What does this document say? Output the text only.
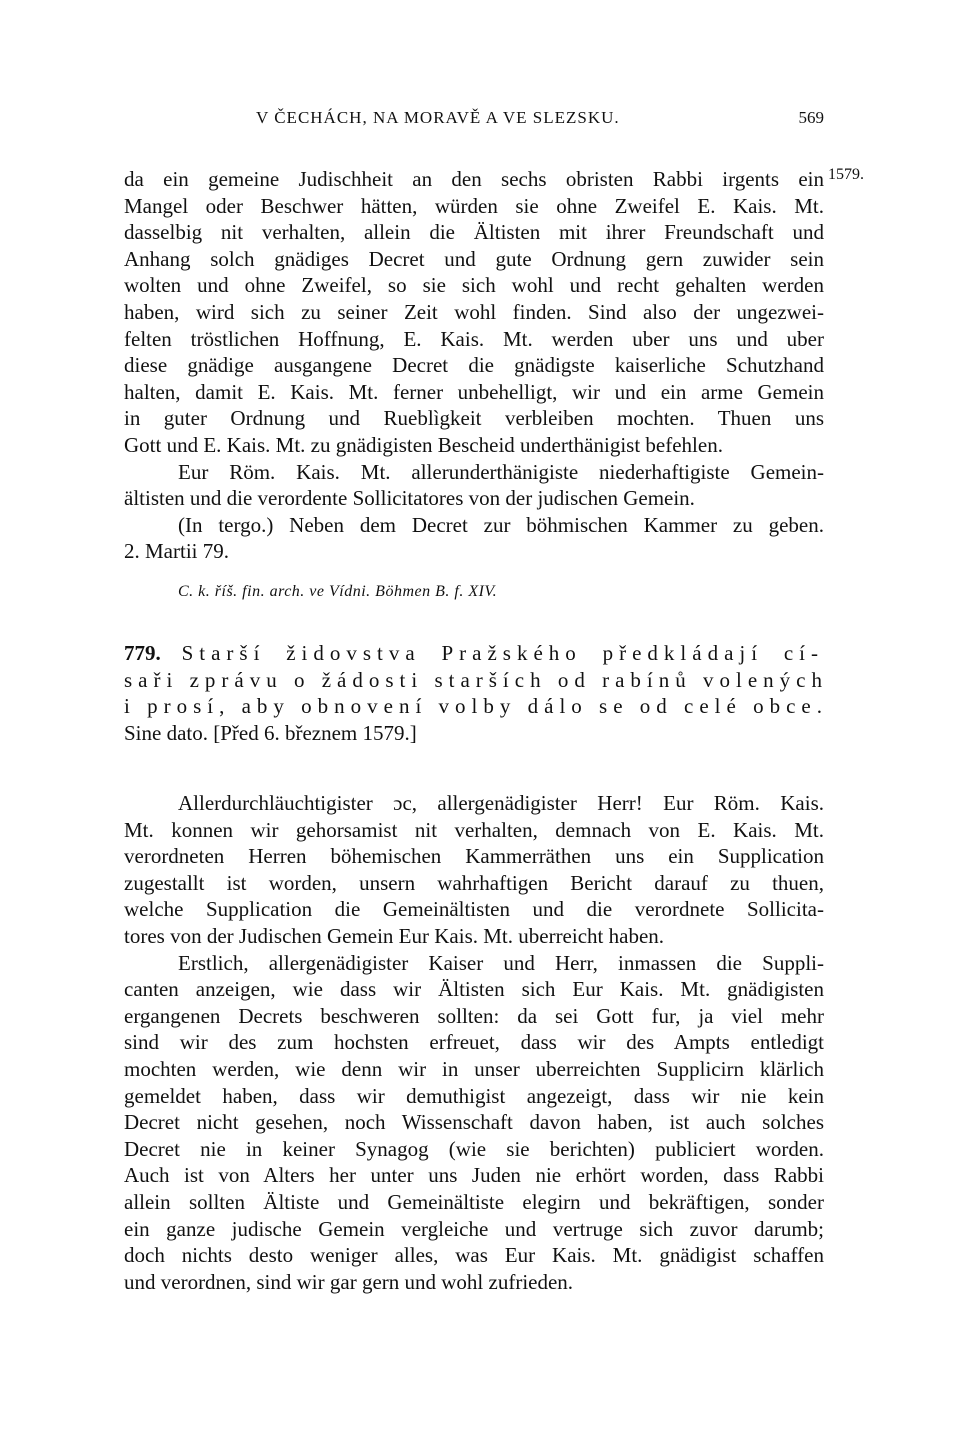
V ČECHÁCH, NA MORAVĚ A VE SLEZSKU.	569
1579.
da ein gemeine Judischheit an den sechs obristen Rabbi irgents ein
Mangel oder Beschwer hätten, würden sie ohne Zweifel E. Kais. Mt.
dasselbig nit verhalten, allein die Ältisten mit ihrer Freundschaft und
Anhang solch gnädiges Decret und gute Ordnung gern zuwider sein
wolten und ohne Zweifel, so sie sich wohl und recht gehalten werden
haben, wird sich zu seiner Zeit wohl finden. Sind also der ungezwei-
felten tröstlichen Hoffnung, E. Kais. Mt. werden uber uns und uber
diese gnädige ausgangene Decret die gnädigste kaiserliche Schutzhand
halten, damit E. Kais. Mt. ferner unbehelligt, wir und ein arme Gemein
in guter Ordnung und Rueblìgkeit verbleiben mochten. Thuen uns
Gott und E. Kais. Mt. zu gnädigisten Bescheid underthänigist befehlen.
Eur Röm. Kais. Mt. allerunderthänigiste niederhaftigiste Gemein-
ältisten und die verordente Sollicitatores von der judischen Gemein.
(In tergo.) Neben dem Decret zur böhmischen Kammer zu geben.
2. Martii 79.
C. k. říš. fin. arch. ve Vídni. Böhmen B. f. XIV.
779. Starší židovstva Pražského předkládají cí-
saři zprávu o žádosti starších od rabínů volených
i prosí, aby obnovení volby dálo se od celé obce.
Sine dato. [Před 6. březnem 1579.]
Allerdurchläuchtigister ɔc, allergenädigister Herr! Eur Röm. Kais.
Mt. konnen wir gehorsamist nit verhalten, demnach von E. Kais. Mt.
verordneten Herren böhemischen Kammerräthen uns ein Supplication
zugestallt ist worden, unsern wahrhaftigen Bericht darauf zu thuen,
welche Supplication die Gemeinältisten und die verordnete Sollicita-
tores von der Judischen Gemein Eur Kais. Mt. uberreicht haben.
Erstlich, allergenädigister Kaiser und Herr, inmassen die Suppli-
canten anzeigen, wie dass wir Ältisten sich Eur Kais. Mt. gnädigisten
ergangenen Decrets beschweren sollten: da sei Gott fur, ja viel mehr
sind wir des zum hochsten erfreuet, dass wir des Ampts entledigt
mochten werden, wie denn wir in unser uberreichten Supplicirn klärlich
gemeldet haben, dass wir demuthigist angezeigt, dass wir nie kein
Decret nicht gesehen, noch Wissenschaft davon haben, ist auch solches
Decret nie in keiner Synagog (wie sie berichten) publiciert worden.
Auch ist von Alters her unter uns Juden nie erhört worden, dass Rabbi
allein sollten Ältiste und Gemeinältiste elegirn und bekräftigen, sonder
ein ganze judische Gemein vergleiche und vertruge sich zuvor darumb;
doch nichts desto weniger alles, was Eur Kais. Mt. gnädigist schaffen
und verordnen, sind wir gar gern und wohl zufrieden.
